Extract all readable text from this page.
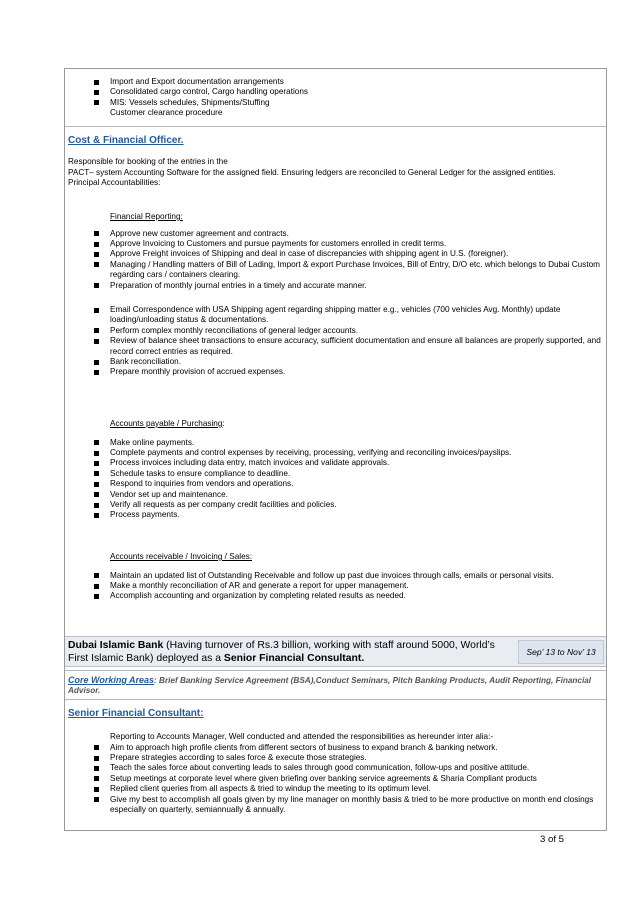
Import and Export documentation arrangements
Consolidated cargo control, Cargo handling operations
MIS: Vessels schedules, Shipments/Stuffing
Customer clearance procedure
Cost & Financial Officer.
Responsible for booking of the entries in the
PACT– system Accounting Software for the assigned field. Ensuring ledgers are reconciled to General Ledger for the assigned entities.
Principal Accountabilities:
Financial Reporting:
Approve new customer agreement and contracts.
Approve Invoicing to Customers and pursue payments for customers enrolled in credit terms.
Approve Freight invoices of Shipping and deal in case of discrepancies with shipping agent in U.S. (foreigner).
Managing / Handling matters of Bill of Lading, Import & export Purchase Invoices, Bill of Entry, D/O etc. which belongs to Dubai Custom regarding cars / containers clearing.
Preparation of monthly journal entries in a timely and accurate manner.
Email Correspondence with USA Shipping agent regarding shipping matter e.g., vehicles (700 vehicles Avg. Monthly) update loading/unloading status & documentations.
Perform complex monthly reconciliations of general ledger accounts.
Review of balance sheet transactions to ensure accuracy, sufficient documentation and ensure all balances are properly supported, and record correct entries as required.
Bank reconciliation.
Prepare monthly provision of accrued expenses.
Accounts payable / Purchasing:
Make online payments.
Complete payments and control expenses by receiving, processing, verifying and reconciling invoices/payslips.
Process invoices including data entry, match invoices and validate approvals.
Schedule tasks to ensure compliance to deadline.
Respond to inquiries from vendors and operations.
Vendor set up and maintenance.
Verify all requests as per company credit facilities and policies.
Process payments.
Accounts receivable / Invoicing / Sales:
Maintain an updated list of Outstanding Receivable and follow up past due invoices through calls, emails or personal visits.
Make a monthly reconciliation of AR and generate a report for upper management.
Accomplish accounting and organization by completing related results as needed.
Dubai Islamic Bank (Having turnover of Rs.3 billion, working with staff around 5000, World’s First Islamic Bank) deployed as a Senior Financial Consultant.
Sep’ 13 to Nov’ 13
Core Working Areas: Brief Banking Service Agreement (BSA),Conduct Seminars, Pitch Banking Products, Audit Reporting, Financial Advisor.
Senior Financial Consultant:
Reporting to Accounts Manager, Well conducted and attended the responsibilities as hereunder inter alia:-
Aim to approach high profile clients from different sectors of business to expand branch & banking network.
Prepare strategies according to sales force & execute those strategies.
Teach the sales force about converting leads to sales through good communication, follow-ups and positive attitude.
Setup meetings at corporate level where given briefing over banking service agreements & Sharia Compliant products
Replied client queries from all aspects & tried to windup the meeting to its optimum level.
Give my best to accomplish all goals given by my line manager on monthly basis & tried to be more productive on month end closings especially on quarterly, semiannually & annually.
3 of 5
